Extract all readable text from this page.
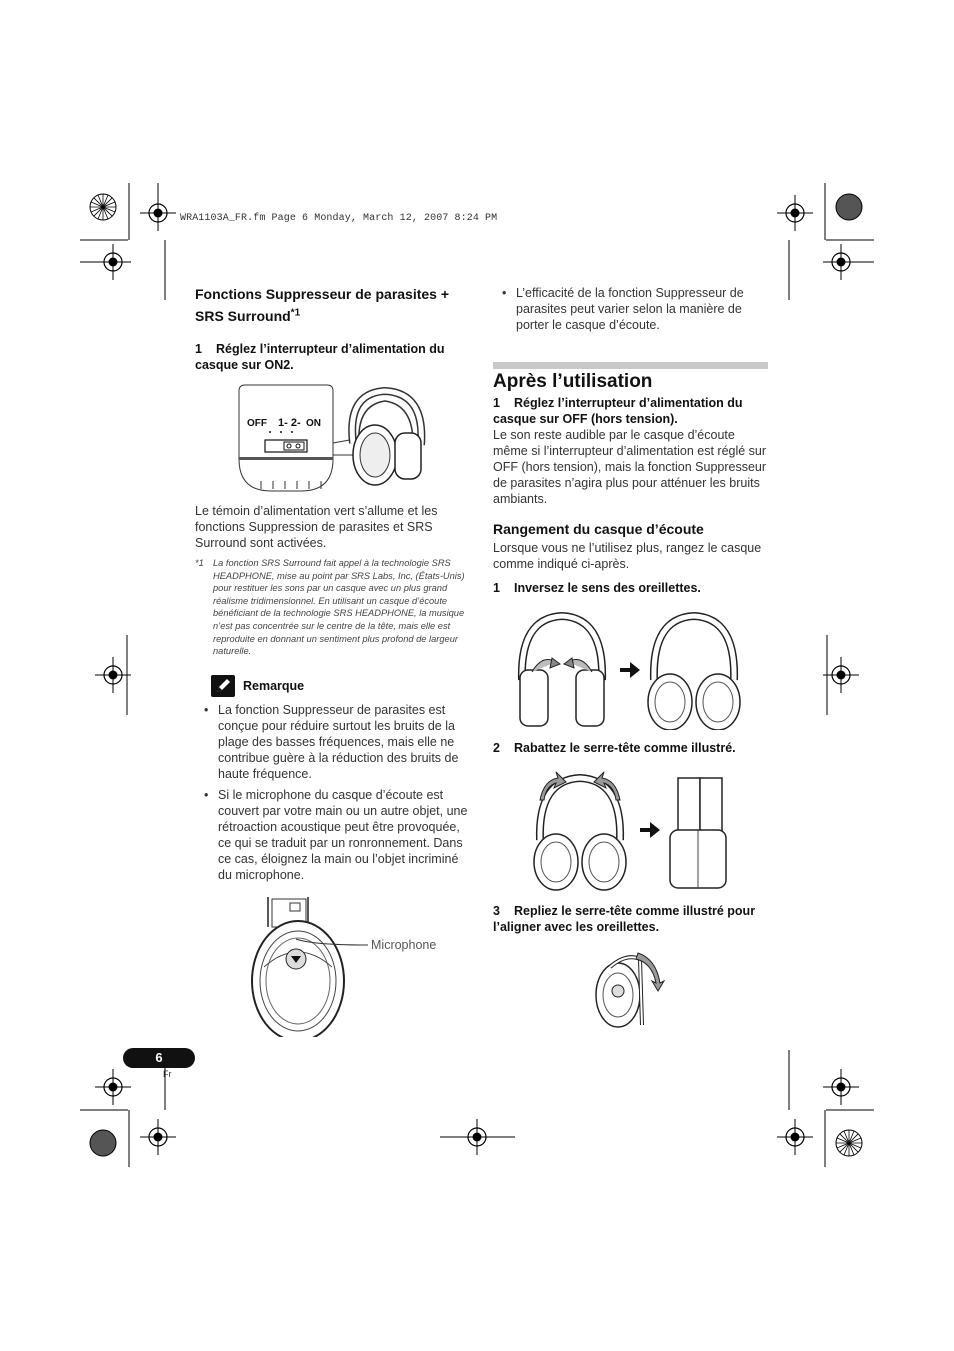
WRA1103A_FR.fm Page 6 Monday, March 12, 2007 8:24 PM
Fonctions Suppresseur de parasites + SRS Surround$^{*1}$
1 Réglez l’interrupteur d’alimentation du casque sur ON2.
OFF 1- 2- ON
Le témoin d’alimentation vert s’allume et les fonctions Suppression de parasites et SRS Surround sont activées.
*1 La fonction SRS Surround fait appel à la technologie SRS HEADPHONE, mise au point par SRS Labs, Inc, (États-Unis) pour restituer les sons par un casque avec un plus grand réalisme tridimensionnel. En utilisant un casque d’écoute bénéficiant de la technologie SRS HEADPHONE, la musique n’est pas concentrée sur le centre de la tête, mais elle est reproduite en donnant un sentiment plus profond de largeur naturelle.
Remarque
• La fonction Suppresseur de parasites est conçue pour réduire surtout les bruits de la plage des basses fréquences, mais elle ne contribue guère à la réduction des bruits de haute fréquence.
• Si le microphone du casque d’écoute est couvert par votre main ou un autre objet, une rétroaction acoustique peut être provoquée, ce qui se traduit par un ronronnement. Dans ce cas, éloignez la main ou l’objet incriminé du microphone.
Microphone
• L’efficacité de la fonction Suppresseur de parasites peut varier selon la manière de porter le casque d’écoute.
Après l’utilisation
1 Réglez l’interrupteur d’alimentation du casque sur OFF (hors tension).
Le son reste audible par le casque d’écoute même si l’interrupteur d’alimentation est réglé sur OFF (hors tension), mais la fonction Suppresseur de parasites n’agira plus pour atténuer les bruits ambiants.
Rangement du casque d’écoute
Lorsque vous ne l’utilisez plus, rangez le casque comme indiqué ci-après.
1 Inversez le sens des oreillettes.
2 Rabattez le serre-tête comme illustré.
3 Repliez le serre-tête comme illustré pour l’aligner avec les oreillettes.
6
Fr
